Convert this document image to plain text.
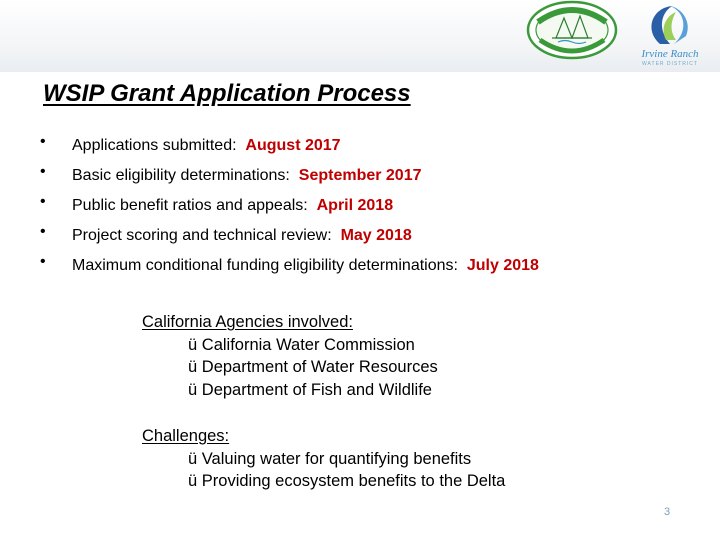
Irvine Ranch
WATER DISTRICT
WSIP Grant Application Process
• Applications submitted: August 2017
• Basic eligibility determinations: September 2017
• Public benefit ratios and appeals: April 2018
• Project scoring and technical review: May 2018
• Maximum conditional funding eligibility determinations: July 2018
California Agencies involved:
ü California Water Commission
ü Department of Water Resources
ü Department of Fish and Wildlife
Challenges:
ü Valuing water for quantifying benefits
ü Providing ecosystem benefits to the Delta
3
